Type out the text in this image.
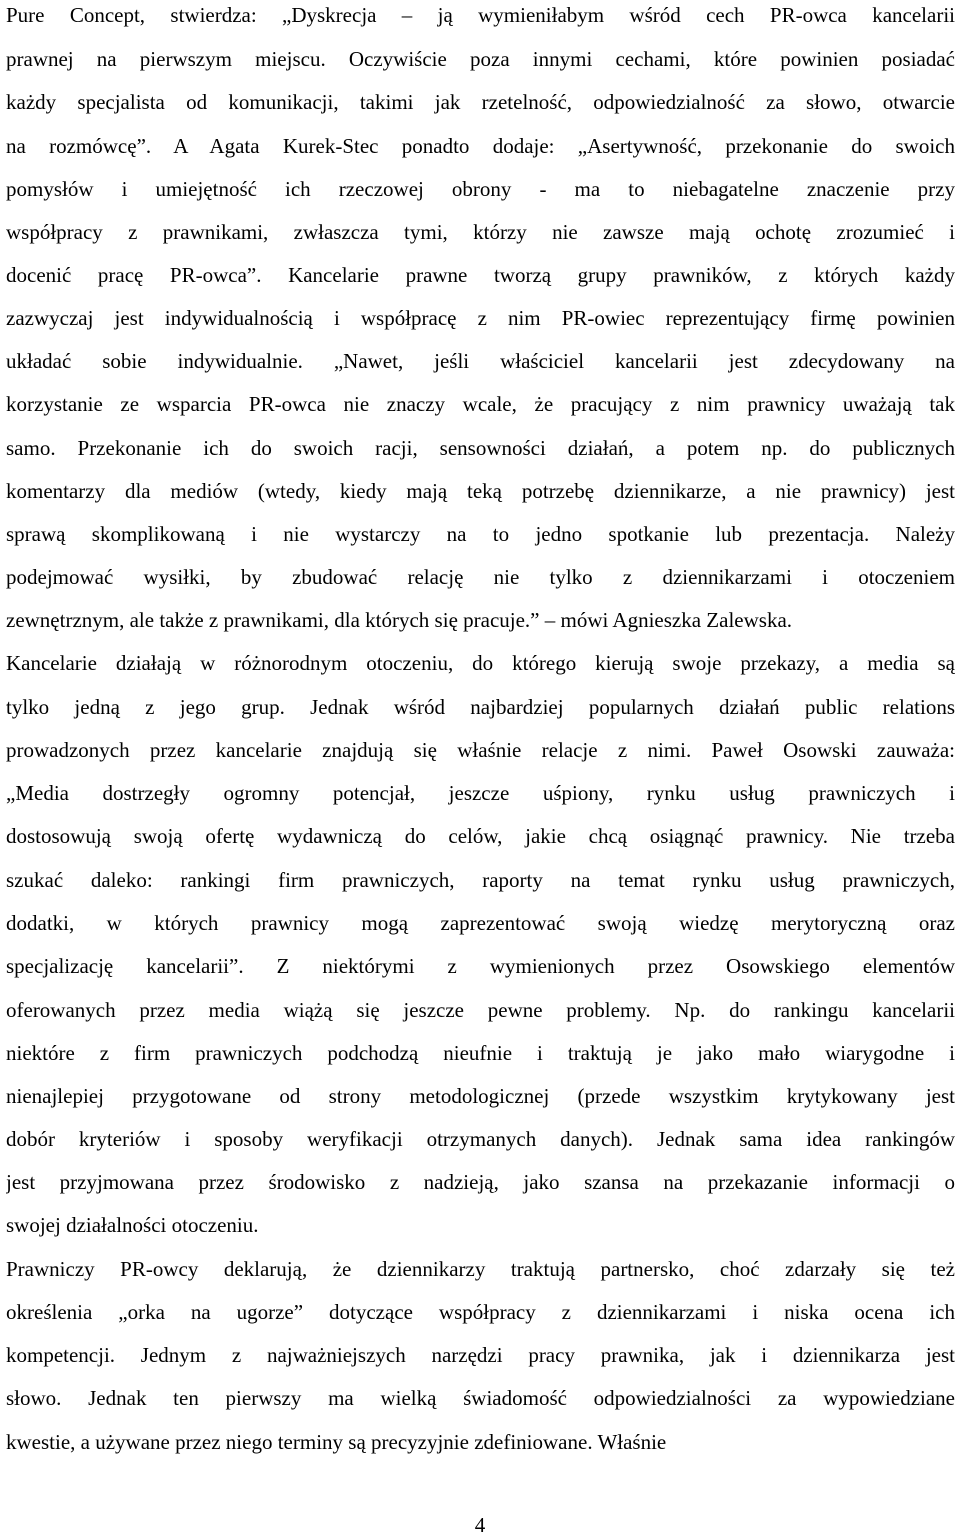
Pure Concept, stwierdza: „Dyskrecja – ją wymieniłabym wśród cech PR-owca kancelarii
prawnej na pierwszym miejscu. Oczywiście poza innymi cechami, które powinien posiadać
każdy specjalista od komunikacji, takimi jak rzetelność, odpowiedzialność za słowo, otwarcie
na rozmówcę”. A Agata Kurek-Stec ponadto dodaje: „Asertywność, przekonanie do swoich
pomysłów i umiejętność ich rzeczowej obrony - ma to niebagatelne znaczenie przy
współpracy z prawnikami, zwłaszcza tymi, którzy nie zawsze mają ochotę zrozumieć i
docenić pracę PR-owca”. Kancelarie prawne tworzą grupy prawników, z których każdy
zazwyczaj jest indywidualnością i współpracę z nim PR-owiec reprezentujący firmę powinien
układać sobie indywidualnie. „Nawet, jeśli właściciel kancelarii jest zdecydowany na
korzystanie ze wsparcia PR-owca nie znaczy wcale, że pracujący z nim prawnicy uważają tak
samo. Przekonanie ich do swoich racji, sensowności działań, a potem np. do publicznych
komentarzy dla mediów (wtedy, kiedy mają teką potrzebę dziennikarze, a nie prawnicy) jest
sprawą skomplikowaną i nie wystarczy na to jedno spotkanie lub prezentacja. Należy
podejmować wysiłki, by zbudować relację nie tylko z dziennikarzami i otoczeniem
zewnętrznym, ale także z prawnikami, dla których się pracuje.” – mówi Agnieszka Zalewska.
Kancelarie działają w różnorodnym otoczeniu, do którego kierują swoje przekazy, a media są
tylko jedną z jego grup. Jednak wśród najbardziej popularnych działań public relations
prowadzonych przez kancelarie znajdują się właśnie relacje z nimi. Paweł Osowski zauważa:
„Media dostrzegły ogromny potencjał, jeszcze uśpiony, rynku usług prawniczych i
dostosowują swoją ofertę wydawniczą do celów, jakie chcą osiągnąć prawnicy. Nie trzeba
szukać daleko: rankingi firm prawniczych, raporty na temat rynku usług prawniczych,
dodatki, w których prawnicy mogą zaprezentować swoją wiedzę merytoryczną oraz
specjalizację kancelarii”. Z niektórymi z wymienionych przez Osowskiego elementów
oferowanych przez media wiążą się jeszcze pewne problemy. Np. do rankingu kancelarii
niektóre z firm prawniczych podchodzą nieufnie i traktują je jako mało wiarygodne i
nienajlepiej przygotowane od strony metodologicznej (przede wszystkim krytykowany jest
dobór kryteriów i sposoby weryfikacji otrzymanych danych). Jednak sama idea rankingów
jest przyjmowana przez środowisko z nadzieją, jako szansa na przekazanie informacji o
swojej działalności otoczeniu.
Prawniczy PR-owcy deklarują, że dziennikarzy traktują partnersko, choć zdarzały się też
określenia „orka na ugorze” dotyczące współpracy z dziennikarzami i niska ocena ich
kompetencji. Jednym z najważniejszych narzędzi pracy prawnika, jak i dziennikarza jest
słowo. Jednak ten pierwszy ma wielką świadomość odpowiedzialności za wypowiedziane
kwestie, a używane przez niego terminy są precyzyjnie zdefiniowane. Właśnie
4
